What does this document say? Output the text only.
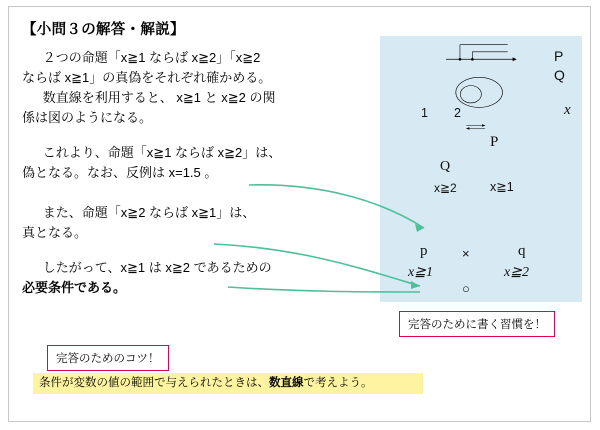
【小問３の解答・解説】
２つの命題「x≧1 ならば x≧2」「x≧2
ならば x≧1」の真偽をそれぞれ確かめる。
数直線を利用すると、 x≧1 と x≧2 の関
係は図のようになる。
これより、命題「x≧1 ならば x≧2」は、
偽となる。なお、反例は x=1.5 。
また、命題「x≧2 ならば x≧1」は、
真となる。
したがって、x≧1 は x≧2 であるための
必要条件である。
P
Q
x
1 2
P
Q
x≧2	x≧1
p	q
×
○
x≧1	x≧2
完答のために書く習慣を！
完答のためのコツ！
条件が変数の値の範囲で与えられたときは、数直線で考えよう。
